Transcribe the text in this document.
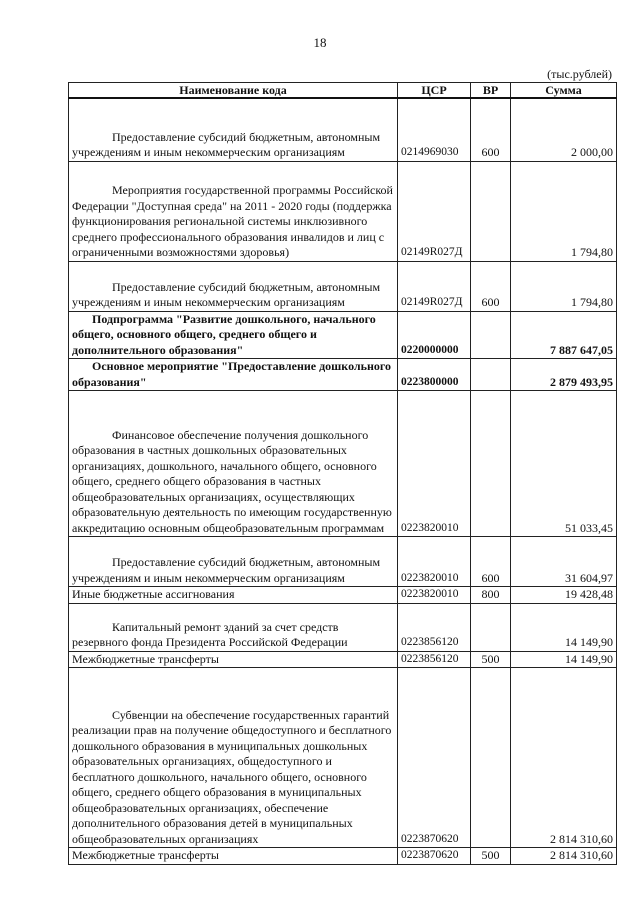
18
(тыс.рублей)
Наименование кода	ЦСР	ВР	Сумма
Предоставление субсидий бюджетным, автономным учреждениям и иным некоммерческим организациям	0214969030	600	2 000,00
Мероприятия государственной программы Российской Федерации "Доступная среда" на 2011 - 2020 годы (поддержка функционирования региональной системы инклюзивного среднего профессионального образования инвалидов и лиц с ограниченными возможностями здоровья)	02149R027Д		1 794,80
Предоставление субсидий бюджетным, автономным учреждениям и иным некоммерческим организациям	02149R027Д	600	1 794,80
Подпрограмма "Развитие дошкольного, начального общего, основного общего, среднего общего и дополнительного образования"	0220000000		7 887 647,05
Основное мероприятие "Предоставление дошкольного образования"	0223800000		2 879 493,95
Финансовое обеспечение получения дошкольного образования в частных дошкольных образовательных организациях, дошкольного, начального общего, основного общего, среднего общего образования в частных общеобразовательных организациях, осуществляющих образовательную деятельность по имеющим государственную аккредитацию основным общеобразовательным программам	0223820010		51 033,45
Предоставление субсидий бюджетным, автономным учреждениям и иным некоммерческим организациям	0223820010	600	31 604,97
Иные бюджетные ассигнования	0223820010	800	19 428,48
Капитальный ремонт зданий за счет средств резервного фонда Президента Российской Федерации	0223856120		14 149,90
Межбюджетные трансферты	0223856120	500	14 149,90
Субвенции на обеспечение государственных гарантий реализации прав на получение общедоступного и бесплатного дошкольного образования в муниципальных дошкольных образовательных организациях, общедоступного и бесплатного дошкольного, начального общего, основного общего, среднего общего образования в муниципальных общеобразовательных организациях, обеспечение дополнительного образования детей в муниципальных общеобразовательных организациях	0223870620		2 814 310,60
Межбюджетные трансферты	0223870620	500	2 814 310,60
